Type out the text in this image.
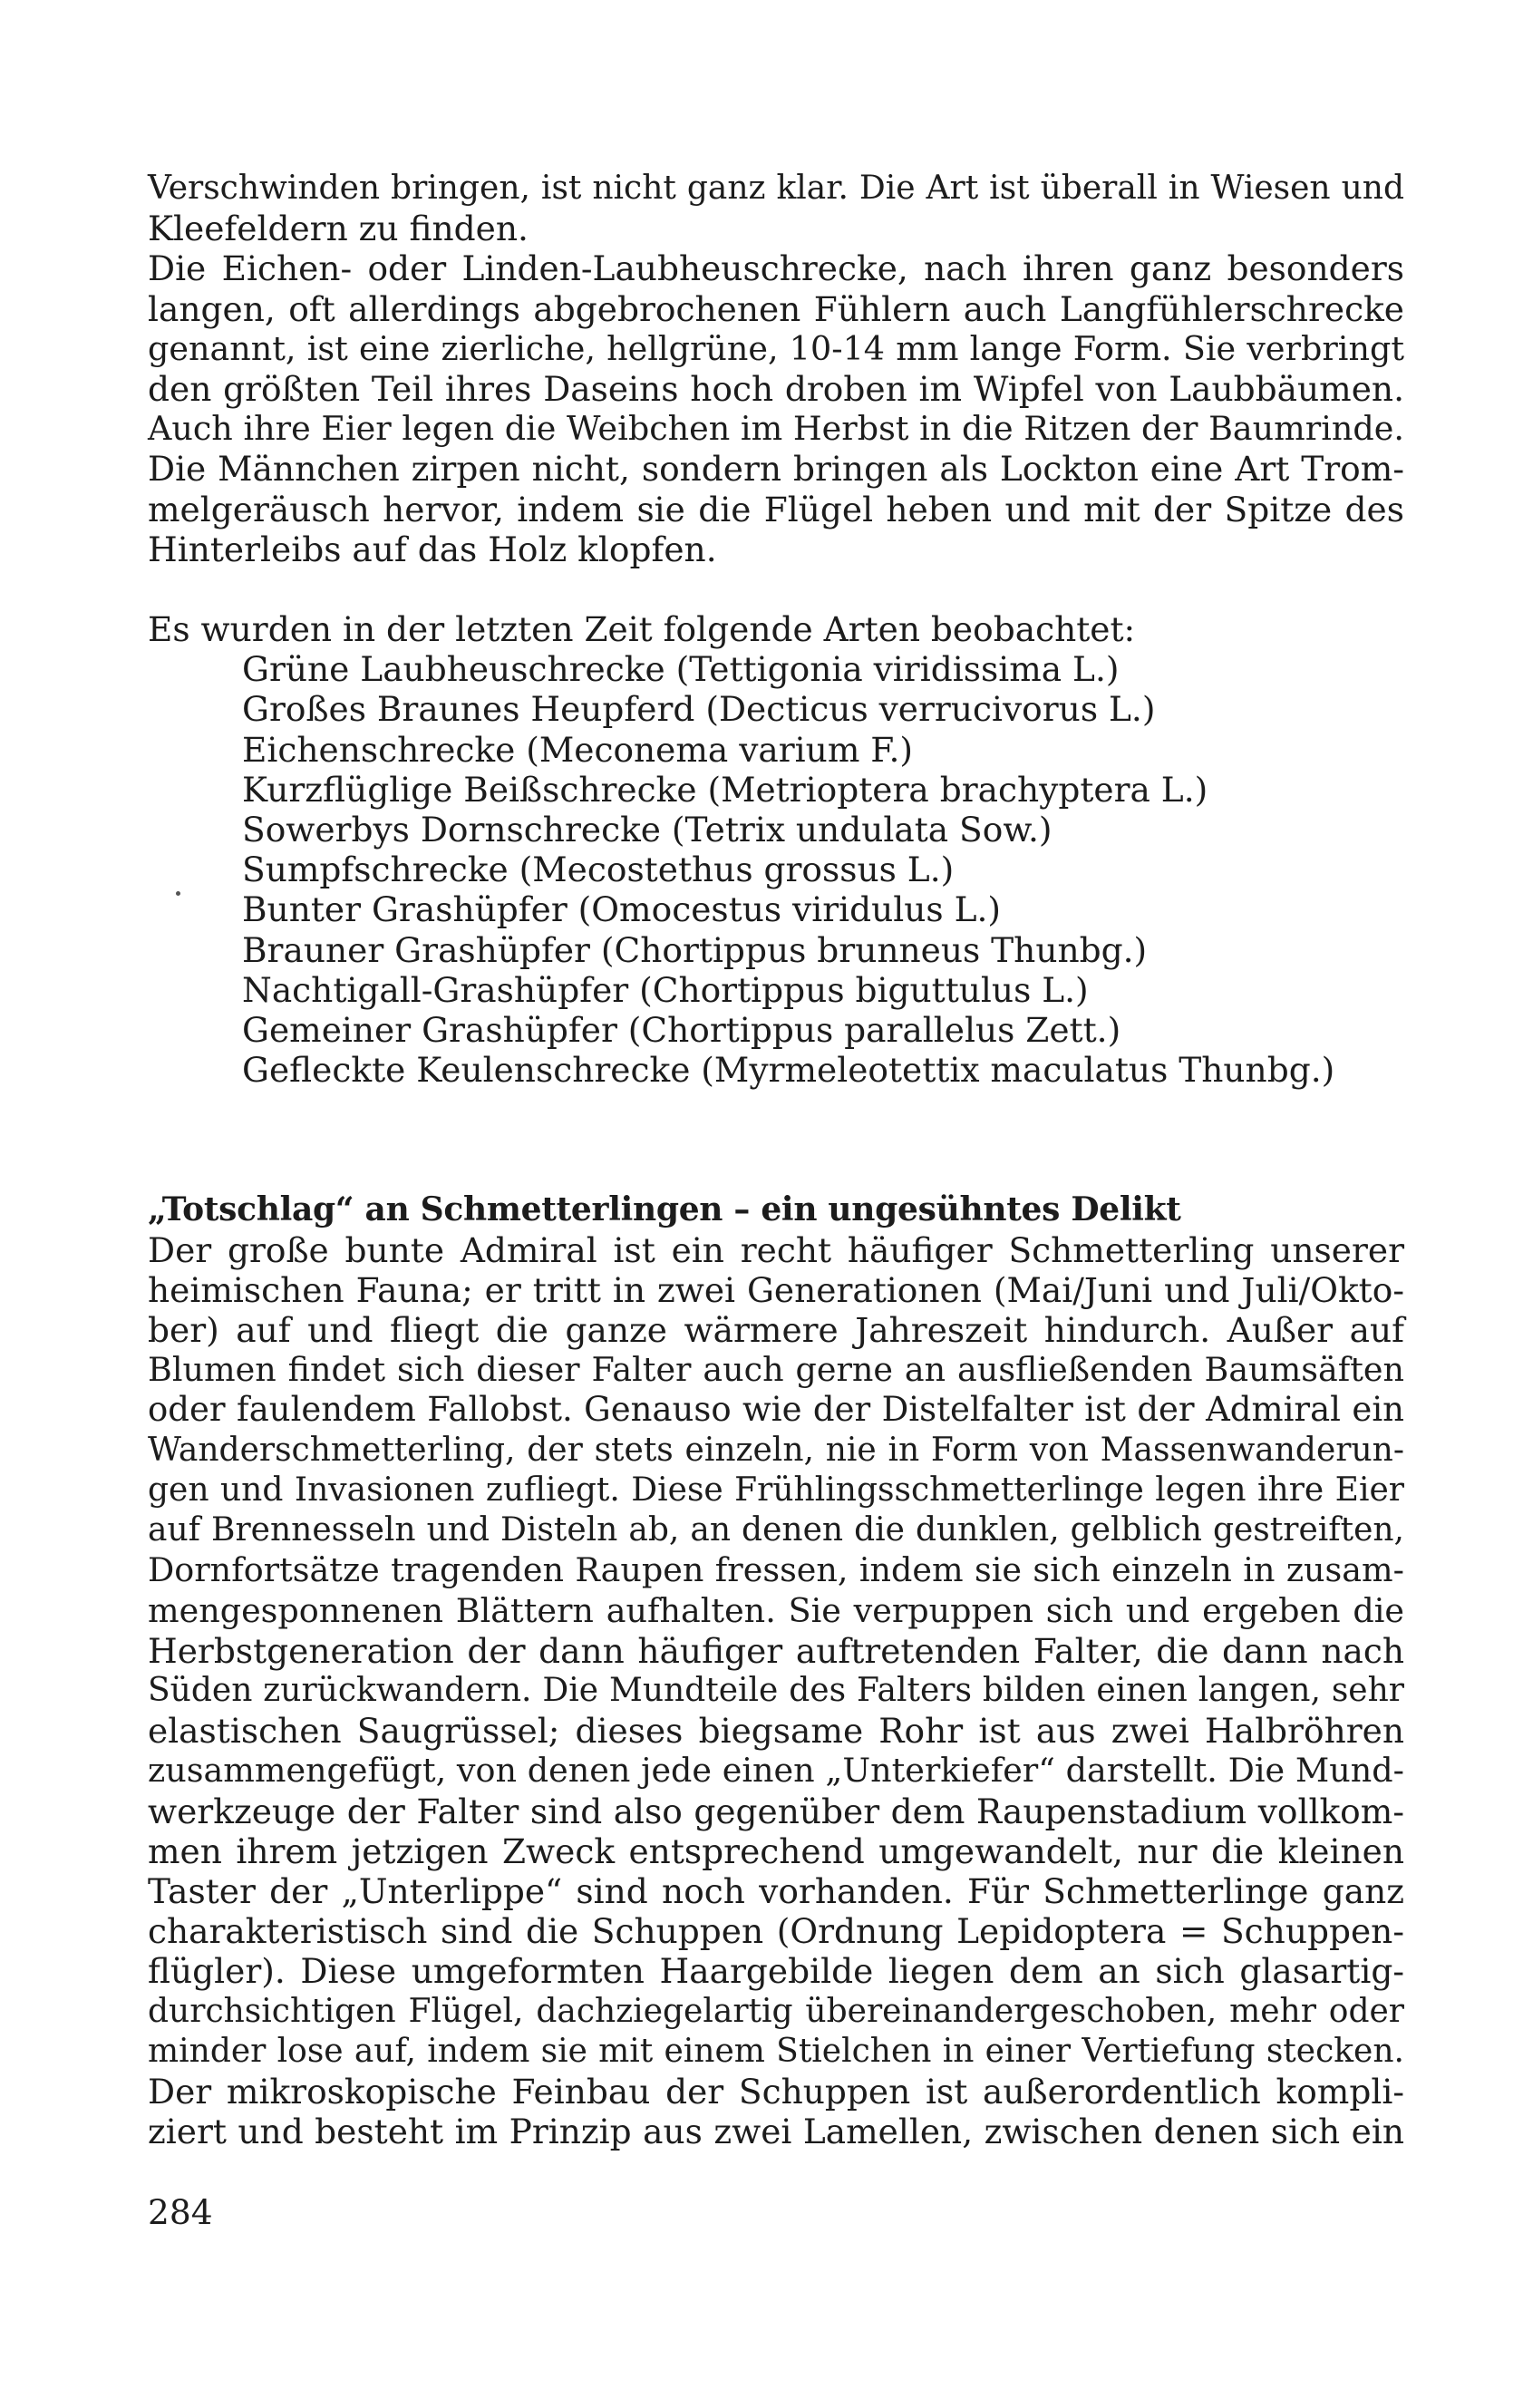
Verschwinden bringen, ist nicht ganz klar. Die Art ist überall in Wiesen und
Kleefeldern zu finden.
Die Eichen- oder Linden-Laubheuschrecke, nach ihren ganz besonders
langen, oft allerdings abgebrochenen Fühlern auch Langfühlerschrecke
genannt, ist eine zierliche, hellgrüne, 10-14 mm lange Form. Sie verbringt
den größten Teil ihres Daseins hoch droben im Wipfel von Laubbäumen.
Auch ihre Eier legen die Weibchen im Herbst in die Ritzen der Baumrinde.
Die Männchen zirpen nicht, sondern bringen als Lockton eine Art Trom-
melgeräusch hervor, indem sie die Flügel heben und mit der Spitze des
Hinterleibs auf das Holz klopfen.
Es wurden in der letzten Zeit folgende Arten beobachtet:
Grüne Laubheuschrecke (Tettigonia viridissima L.)
Großes Braunes Heupferd (Decticus verrucivorus L.)
Eichenschrecke (Meconema varium F.)
Kurzflüglige Beißschrecke (Metrioptera brachyptera L.)
Sowerbys Dornschrecke (Tetrix undulata Sow.)
Sumpfschrecke (Mecostethus grossus L.)
Bunter Grashüpfer (Omocestus viridulus L.)
Brauner Grashüpfer (Chortippus brunneus Thunbg.)
Nachtigall-Grashüpfer (Chortippus biguttulus L.)
Gemeiner Grashüpfer (Chortippus parallelus Zett.)
Gefleckte Keulenschrecke (Myrmeleotettix maculatus Thunbg.)
„Totschlag“ an Schmetterlingen – ein ungesühntes Delikt
Der große bunte Admiral ist ein recht häufiger Schmetterling unserer
heimischen Fauna; er tritt in zwei Generationen (Mai/Juni und Juli/Okto-
ber) auf und fliegt die ganze wärmere Jahreszeit hindurch. Außer auf
Blumen findet sich dieser Falter auch gerne an ausfließenden Baumsäften
oder faulendem Fallobst. Genauso wie der Distelfalter ist der Admiral ein
Wanderschmetterling, der stets einzeln, nie in Form von Massenwanderun-
gen und Invasionen zufliegt. Diese Frühlingsschmetterlinge legen ihre Eier
auf Brennesseln und Disteln ab, an denen die dunklen, gelblich gestreiften,
Dornfortsätze tragenden Raupen fressen, indem sie sich einzeln in zusam-
mengesponnenen Blättern aufhalten. Sie verpuppen sich und ergeben die
Herbstgeneration der dann häufiger auftretenden Falter, die dann nach
Süden zurückwandern. Die Mundteile des Falters bilden einen langen, sehr
elastischen Saugrüssel; dieses biegsame Rohr ist aus zwei Halbröhren
zusammengefügt, von denen jede einen „Unterkiefer“ darstellt. Die Mund-
werkzeuge der Falter sind also gegenüber dem Raupenstadium vollkom-
men ihrem jetzigen Zweck entsprechend umgewandelt, nur die kleinen
Taster der „Unterlippe“ sind noch vorhanden. Für Schmetterlinge ganz
charakteristisch sind die Schuppen (Ordnung Lepidoptera = Schuppen-
flügler). Diese umgeformten Haargebilde liegen dem an sich glasartig-
durchsichtigen Flügel, dachziegelartig übereinandergeschoben, mehr oder
minder lose auf, indem sie mit einem Stielchen in einer Vertiefung stecken.
Der mikroskopische Feinbau der Schuppen ist außerordentlich kompli-
ziert und besteht im Prinzip aus zwei Lamellen, zwischen denen sich ein
284
